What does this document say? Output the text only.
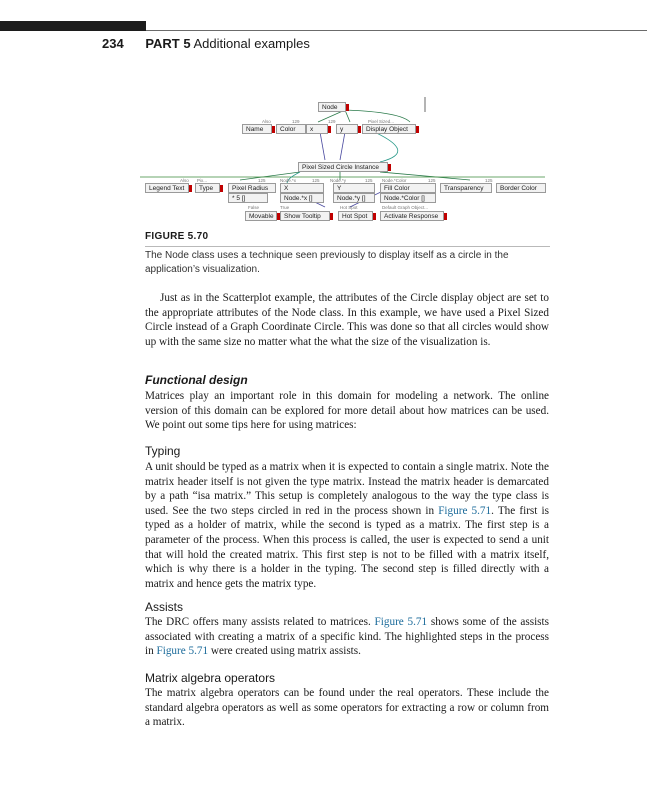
234 PART 5 Additional examples
Node
Also	129	129	Pixel Sized...
Name	Color	x	y	Display Object
Pixel Sized Circle Instance
Also Pix...	125	Node.*x	125 Node.*y	125 Node.*Color	125	125
Legend Text	Type	Pixel Radius	X	Y	Fill Color	Transparency	Border Color
* 5 []	Node.*x []	Node.*y []	Node.*Color []
False	True	Hot Spot	Default Graph Object...
Movable	Show Tooltip	Hot Spot	Activate Response
FIGURE 5.70
The Node class uses a technique seen previously to display itself as a circle in the application’s visualization.

Just as in the Scatterplot example, the attributes of the Circle display object are set to the appropriate attributes of the Node class. In this example, we have used a Pixel Sized Circle instead of a Graph Coordinate Circle. This was done so that all circles would show up with the same size no matter what the what the size of the visualization is.

Functional design

Matrices play an important role in this domain for modeling a network. The online version of this domain can be explored for more detail about how matrices can be used. We point out some tips here for using matrices:

Typing

A unit should be typed as a matrix when it is expected to contain a single matrix. Note the matrix header itself is not given the type matrix. Instead the matrix header is demarcated by a path “isa matrix.” This setup is completely analogous to the way the type class is used. See the two steps circled in red in the process shown in Figure 5.71. The first is typed as a holder of matrix, while the second is typed as a matrix. The first step is a parameter of the process. When this process is called, the user is expected to send a unit that will hold the created matrix. This first step is not to be filled with a matrix itself, which is why there is a holder in the typing. The second step is filled directly with a matrix and hence gets the matrix type.

Assists

The DRC offers many assists related to matrices. Figure 5.71 shows some of the assists associated with creating a matrix of a specific kind. The highlighted steps in the process in Figure 5.71 were created using matrix assists.

Matrix algebra operators

The matrix algebra operators can be found under the real operators. These include the standard algebra operators as well as some operators for extracting a row or column from a matrix.
